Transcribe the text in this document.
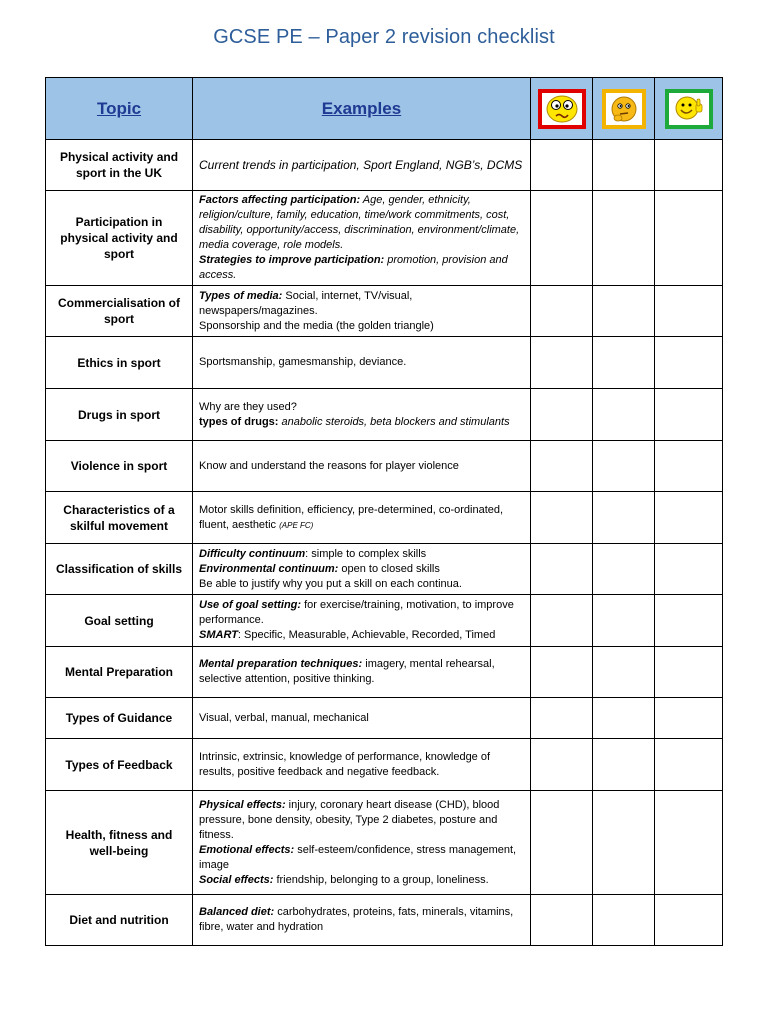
GCSE PE – Paper 2 revision checklist
Topic	Examples	

Physical activity and sport in the UK	Current trends in participation, Sport England, NGB’s, DCMS			
Participation in physical activity and sport	Factors affecting participation: Age, gender, ethnicity, religion/culture, family, education, time/work commitments, cost, disability, opportunity/access, discrimination, environment/climate, media coverage, role models.
Strategies to improve participation: promotion, provision and access.			
Commercialisation of sport	Types of media: Social, internet, TV/visual, newspapers/magazines.
Sponsorship and the media (the golden triangle)			
Ethics in sport	Sportsmanship, gamesmanship, deviance.			
Drugs in sport	Why are they used?
types of drugs: anabolic steroids, beta blockers and stimulants			
Violence in sport	Know and understand the reasons for player violence			
Characteristics of a skilful movement	Motor skills definition, efficiency, pre-determined, co-ordinated, fluent, aesthetic (APE FC)			
Classification of skills	Difficulty continuum: simple to complex skills
Environmental continuum: open to closed skills
Be able to justify why you put a skill on each continua.			
Goal setting	Use of goal setting: for exercise/training, motivation, to improve performance.
SMART: Specific, Measurable, Achievable, Recorded, Timed			
Mental Preparation	Mental preparation techniques: imagery, mental rehearsal, selective attention, positive thinking.			
Types of Guidance	Visual, verbal, manual, mechanical			
Types of Feedback	Intrinsic, extrinsic, knowledge of performance, knowledge of results, positive feedback and negative feedback.			
Health, fitness and well-being	Physical effects: injury, coronary heart disease (CHD), blood pressure, bone density, obesity, Type 2 diabetes, posture and fitness.
Emotional effects: self-esteem/confidence, stress management, image
Social effects: friendship, belonging to a group, loneliness.			
Diet and nutrition	Balanced diet: carbohydrates, proteins, fats, minerals, vitamins, fibre, water and hydration			
